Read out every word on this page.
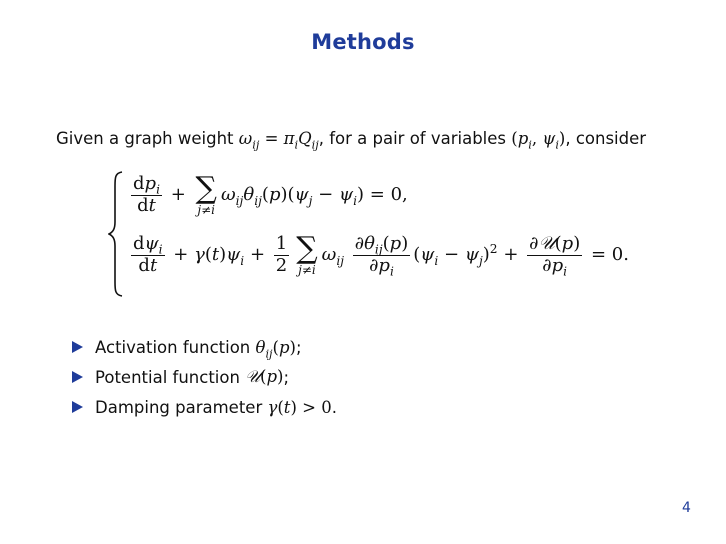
Methods
Given a graph weight $\omega_{ij} = \pi_iQ_{ij}$, for a pair of variables ($p_i$, $\psi_i$), consider
$\frac{dp_i}{dt}$ + ∑
j≠i
$\omega_{ij}\theta_{ij}(p)(\psi_j - \psi_i) = 0$,
$\frac{d\psi_i}{dt} + \gamma(t)\psi_i + \frac{1}{2}$ ∑
j≠i
$\omega_{ij} \frac{\partial\theta_{ij}(p)}{\partial p_i} (\psi_i - \psi_j)^2 + \frac{\text{∂𝒰(p)}}{\partial p_i} = 0$.
Activation function
$\theta_{ij}(p)$ ;
Potential function
𝒰(p) ;
Damping parameter
γ(t) > 0 .
4
